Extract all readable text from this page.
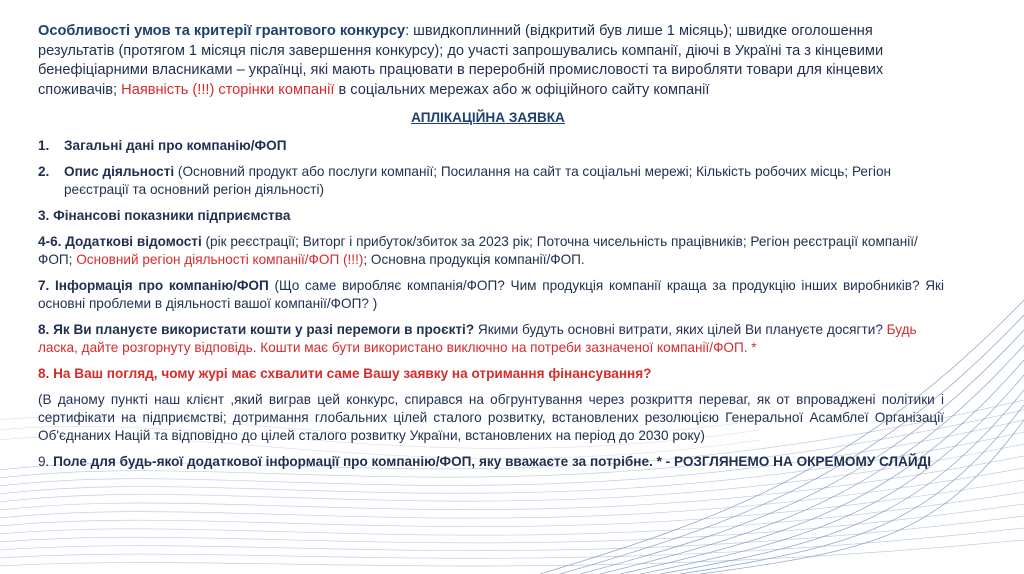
Особливості умов та критерії грантового конкурсу: швидкоплинний (відкритий був лише 1 місяць); швидке оголошення результатів (протягом 1 місяця після завершення конкурсу); до участі запрошувались компанії, діючі в Україні та з кінцевими бенефіціарними власниками – українці, які мають працювати в переробній промисловості та виробляти товари для кінцевих споживачів; Наявність (!!!) сторінки компанії в соціальних мережах або ж офіційного сайту компанії

АПЛІКАЦІЙНА ЗАЯВКА
1.	Загальні дані про компанію/ФОП
2.	Опис діяльності (Основний продукт або послуги компанії; Посилання на сайт та соціальні мережі; Кількість робочих місць; Регіон реєстрації та основний регіон діяльності)
3. Фінансові показники підприємства
4-6. Додаткові відомості (рік реєстрації; Виторг і прибуток/збиток за 2023 рік; Поточна чисельність працівників; Регіон реєстрації компанії/ФОП; Основний регіон діяльності компанії/ФОП (!!!); Основна продукція компанії/ФОП.
7. Інформація про компанію/ФОП (Що саме виробляє компанія/ФОП? Чим продукція компанії краща за продукцію інших виробників? Які основні проблеми в діяльності вашої компанії/ФОП? )
8. Як Ви плануєте використати кошти у разі перемоги в проєкті? Якими будуть основні витрати, яких цілей Ви плануєте досягти? Будь ласка, дайте розгорнуту відповідь. Кошти має бути використано виключно на потреби зазначеної компанії/ФОП. *
8. На Ваш погляд, чому журі має схвалити саме Вашу заявку на отримання фінансування?
(В даному пункті наш клієнт ,який виграв цей конкурс, спирався на обгрунтування через розкриття переваг, як от впроваджені політики і сертифікати на підприємстві; дотримання глобальних цілей сталого розвитку, встановлених резолюцією Генеральної Асамблеї Організації Об'єднаних Націй та відповідно до цілей сталого розвитку України, встановлених на період до 2030 року)
9. Поле для будь-якої додаткової інформації про компанію/ФОП, яку вважаєте за потрібне. * - РОЗГЛЯНЕМО НА ОКРЕМОМУ СЛАЙДІ
